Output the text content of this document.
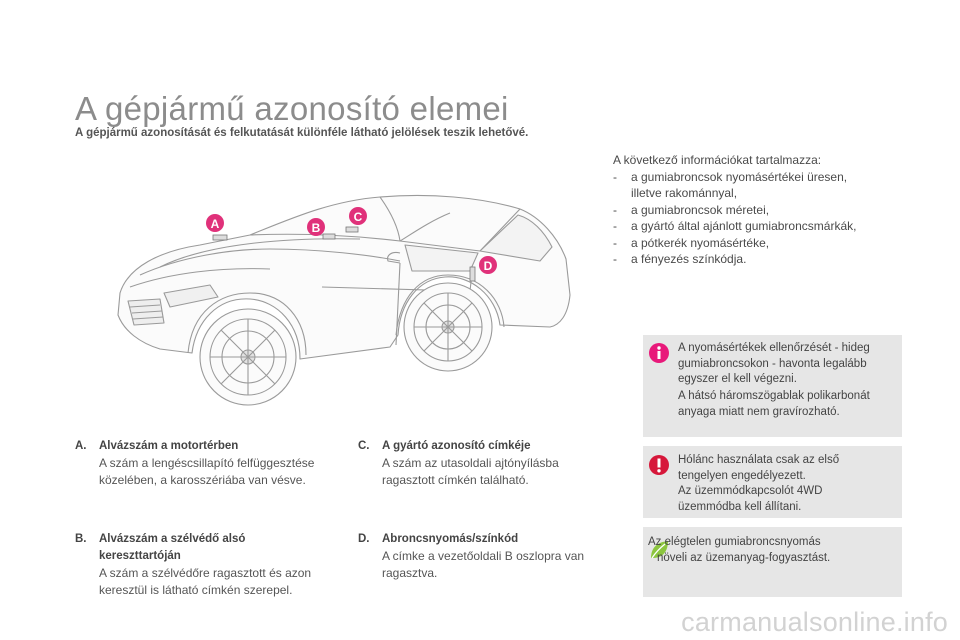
A gépjármű azonosító elemei
A gépjármű azonosítását és felkutatását különféle látható jelölések teszik lehetővé.
A	B
C
D
A következő információkat tartalmazza:
-	a gumiabroncsok nyomásértékei üresen,
illetve rakománnyal,
-	a gumiabroncsok méretei,
-	a gyártó által ajánlott gumiabroncsmárkák,
-	a pótkerék nyomásértéke,
-	a fényezés színkódja.
A nyomásértékek ellenőrzését - hideg
gumiabroncsokon - havonta legalább
egyszer el kell végezni.
A hátsó háromszögablak polikarbonát
anyaga miatt nem gravírozható.
Hólánc használata csak az első
tengelyen engedélyezett.
Az üzemmódkapcsolót 4WD
üzemmódba kell állítani.
Az elégtelen gumiabroncsnyomás
növeli az üzemanyag-fogyasztást.
A. Alvázszám a motortérben
A szám a lengéscsillapító felfüggesztése
közelében, a karosszériába van vésve.
B. Alvázszám a szélvédő alsó
kereszttartóján
A szám a szélvédőre ragasztott és azon
keresztül is látható címkén szerepel.
C. A gyártó azonosító címkéje
A szám az utasoldali ajtónyílásba
ragasztott címkén található.
D. Abroncsnyomás/színkód
A címke a vezetőoldali B oszlopra van
ragasztva.
carmanualsonline.info
